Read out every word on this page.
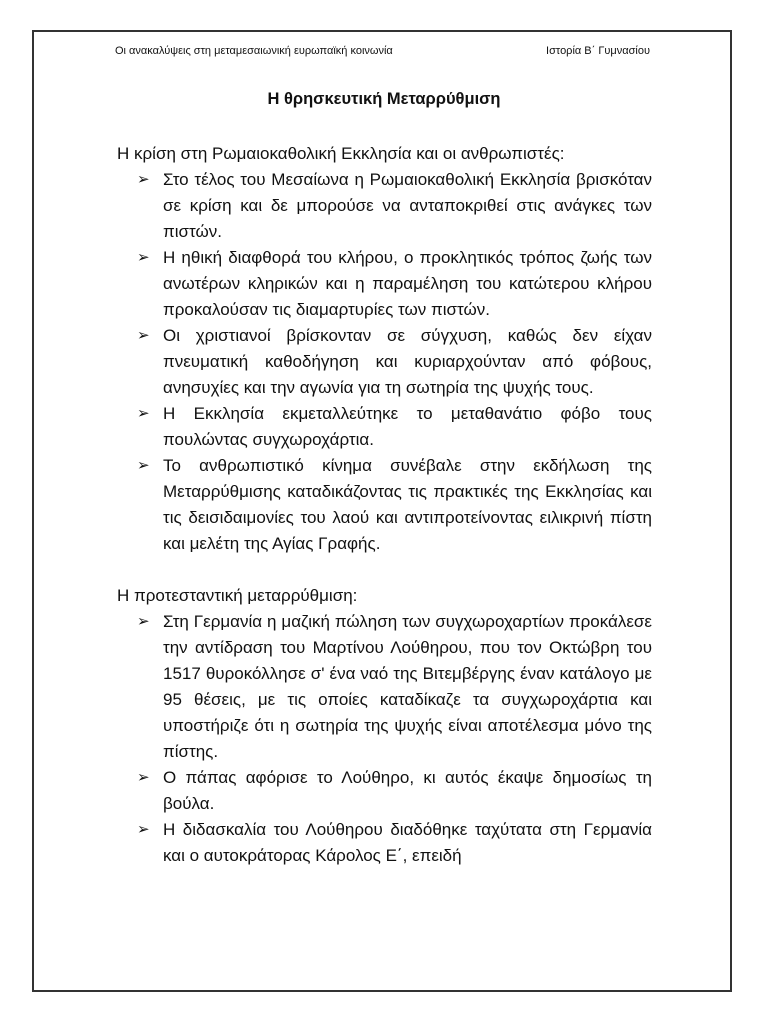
Οι ανακαλύψεις στη μεταμεσαιωνική ευρωπαϊκή κοινωνία	Ιστορία Β΄ Γυμνασίου
Η θρησκευτική Μεταρρύθμιση

Η κρίση στη Ρωμαιοκαθολική Εκκλησία και οι ανθρωπιστές:

➢ Στο τέλος του Μεσαίωνα η Ρωμαιοκαθολική Εκκλησία βρισκόταν σε κρίση και δε μπορούσε να ανταποκριθεί στις ανάγκες των πιστών.
➢ Η ηθική διαφθορά του κλήρου, ο προκλητικός τρόπος ζωής των ανωτέρων κληρικών και η παραμέληση του κατώτερου κλήρου προκαλούσαν τις διαμαρτυρίες των πιστών.
➢ Οι χριστιανοί βρίσκονταν σε σύγχυση, καθώς δεν είχαν πνευματική καθοδήγηση και κυριαρχούνταν από φόβους, ανησυχίες και την αγωνία για τη σωτηρία της ψυχής τους.
➢ Η Εκκλησία εκμεταλλεύτηκε το μεταθανάτιο φόβο τους πουλώντας συγχωροχάρτια.
➢ Το ανθρωπιστικό κίνημα συνέβαλε στην εκδήλωση της Μεταρρύθμισης καταδικάζοντας τις πρακτικές της Εκκλησίας και τις δεισιδαιμονίες του λαού και αντιπροτείνοντας ειλικρινή πίστη και μελέτη της Αγίας Γραφής.

Η προτεσταντική μεταρρύθμιση:

➢ Στη Γερμανία η μαζική πώληση των συγχωροχαρτίων προκάλεσε την αντίδραση του Μαρτίνου Λούθηρου, που τον Οκτώβρη του 1517 θυροκόλλησε σ' ένα ναό της Βιτεμβέργης έναν κατάλογο με 95 θέσεις, με τις οποίες καταδίκαζε τα συγχωροχάρτια και υποστήριζε ότι η σωτηρία της ψυχής είναι αποτέλεσμα μόνο της πίστης.
➢ Ο πάπας αφόρισε το Λούθηρο, κι αυτός έκαψε δημοσίως τη βούλα.
➢ Η διδασκαλία του Λούθηρου διαδόθηκε ταχύτατα στη Γερμανία και ο αυτοκράτορας Κάρολος Ε΄, επειδή
